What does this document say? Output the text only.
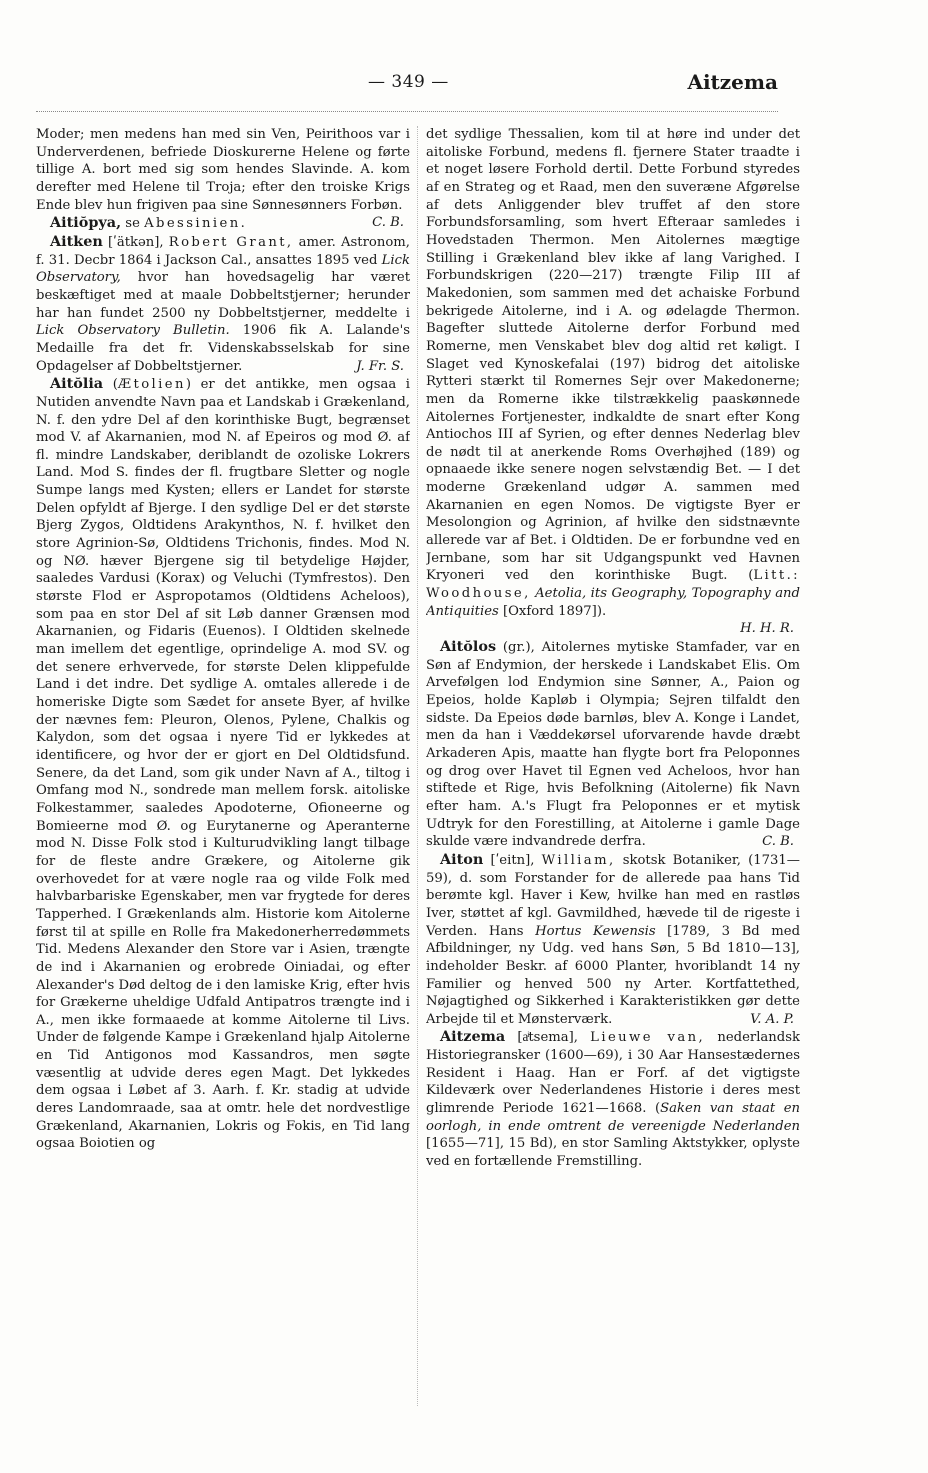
— 349 —	Aitzema

Moder; men medens han med sin Ven, Peirithoos var i Underverdenen, befriede Dioskurerne Helene og førte tillige A. bort med sig som hendes Slavinde. A. kom derefter med Helene til Troja; efter den troiske Krigs Ende blev hun frigiven paa sine Sønnesønners Forbøn.
C. B.

Aitiŏpya, se Abessinien.

Aitken [ʹätkən], Robert Grant, amer. Astronom, f. 31. Decbr 1864 i Jackson Cal., ansattes 1895 ved Lick Observatory, hvor han hovedsagelig har været beskæftiget med at maale Dobbeltstjerner; herunder har han fundet 2500 ny Dobbeltstjerner, meddelte i Lick Observatory Bulletin. 1906 fik A. Lalande's Medaille fra det fr. Videnskabsselskab for sine Opdagelser af Dobbeltstjerner.	J. Fr. S.

Aitŏlia (Ætolien) er det antikke, men ogsaa i Nutiden anvendte Navn paa et Landskab i Grækenland, N. f. den ydre Del af den korinthiske Bugt, begrænset mod V. af Akarnanien, mod N. af Epeiros og mod Ø. af fl. mindre Landskaber, deriblandt de ozoliske Lokrers Land. Mod S. findes der fl. frugtbare Sletter og nogle Sumpe langs med Kysten; ellers er Landet for største Delen opfyldt af Bjerge. I den sydlige Del er det største Bjerg Zygos, Oldtidens Arakynthos, N. f. hvilket den store Agrinion-Sø, Oldtidens Trichonis, findes. Mod N. og NØ. hæver Bjergene sig til betydelige Højder, saaledes Vardusi (Korax) og Veluchi (Tymfrestos). Den største Flod er Aspropotamos (Oldtidens Acheloos), som paa en stor Del af sit Løb danner Grænsen mod Akarnanien, og Fidaris (Euenos). I Oldtiden skelnede man imellem det egentlige, oprindelige A. mod SV. og det senere erhvervede, for største Delen klippefulde Land i det indre. Det sydlige A. omtales allerede i de homeriske Digte som Sædet for ansete Byer, af hvilke der nævnes fem: Pleuron, Olenos, Pylene, Chalkis og Kalydon, som det ogsaa i nyere Tid er lykkedes at identificere, og hvor der er gjort en Del Oldtidsfund. Senere, da det Land, som gik under Navn af A., tiltog i Omfang mod N., sondrede man mellem forsk. aitoliske Folkestammer, saaledes Apodoterne, Ofioneerne og Bomieerne mod Ø. og Eurytanerne og Aperanterne mod N. Disse Folk stod i Kulturudvikling langt tilbage for de fleste andre Grækere, og Aitolerne gik overhovedet for at være nogle raa og vilde Folk med halvbarbariske Egenskaber, men var frygtede for deres Tapperhed. I Grækenlands alm. Historie kom Aitolerne først til at spille en Rolle fra Makedonerherredømmets Tid. Medens Alexander den Store var i Asien, trængte de ind i Akarnanien og erobrede Oiniadai, og efter Alexander's Død deltog de i den lamiske Krig, efter hvis for Grækerne uheldige Udfald Antipatros trængte ind i A., men ikke formaaede at komme Aitolerne til Livs. Under de følgende Kampe i Grækenland hjalp Aitolerne en Tid Antigonos mod Kassandros, men søgte væsentlig at udvide deres egen Magt. Det lykkedes dem ogsaa i Løbet af 3. Aarh. f. Kr. stadig at udvide deres Landomraade, saa at omtr. hele det nordvestlige Grækenland, Akarnanien, Lokris og Fokis, en Tid lang ogsaa Boiotien og

det sydlige Thessalien, kom til at høre ind under det aitoliske Forbund, medens fl. fjernere Stater traadte i et noget løsere Forhold dertil. Dette Forbund styredes af en Strateg og et Raad, men den suveræne Afgørelse af dets Anliggender blev truffet af den store Forbundsforsamling, som hvert Efteraar samledes i Hovedstaden Thermon. Men Aitolernes mægtige Stilling i Grækenland blev ikke af lang Varighed. I Forbundskrigen (220—217) trængte Filip III af Makedonien, som sammen med det achaiske Forbund bekrigede Aitolerne, ind i A. og ødelagde Thermon. Bagefter sluttede Aitolerne derfor Forbund med Romerne, men Venskabet blev dog altid ret køligt. I Slaget ved Kynoskefalai (197) bidrog det aitoliske Rytteri stærkt til Romernes Sejr over Makedonerne; men da Romerne ikke tilstrækkelig paaskønnede Aitolernes Fortjenester, indkaldte de snart efter Kong Antiochos III af Syrien, og efter dennes Nederlag blev de nødt til at anerkende Roms Overhøjhed (189) og opnaaede ikke senere nogen selvstændig Bet. — I det moderne Grækenland udgør A. sammen med Akarnanien en egen Nomos. De vigtigste Byer er Mesolongion og Agrinion, af hvilke den sidstnævnte allerede var af Bet. i Oldtiden. De er forbundne ved en Jernbane, som har sit Udgangspunkt ved Havnen Kryoneri ved den korinthiske Bugt. (Litt.: Woodhouse, Aetolia, its Geography, Topography and Antiquities [Oxford 1897]).
H. H. R.

Aitŏlos (gr.), Aitolernes mytiske Stamfader, var en Søn af Endymion, der herskede i Landskabet Elis. Om Arvefølgen lod Endymion sine Sønner, A., Paion og Epeios, holde Kapløb i Olympia; Sejren tilfaldt den sidste. Da Epeios døde barnløs, blev A. Konge i Landet, men da han i Væddekørsel uforvarende havde dræbt Arkaderen Apis, maatte han flygte bort fra Peloponnes og drog over Havet til Egnen ved Acheloos, hvor han stiftede et Rige, hvis Befolkning (Aitolerne) fik Navn efter ham. A.'s Flugt fra Peloponnes er et mytisk Udtryk for den Forestilling, at Aitolerne i gamle Dage skulde være indvandrede derfra.	C. B.

Aiton [ʹeitn], William, skotsk Botaniker, (1731—59), d. som Forstander for de allerede paa hans Tid berømte kgl. Haver i Kew, hvilke han med en rastløs Iver, støttet af kgl. Gavmildhed, hævede til de rigeste i Verden. Hans Hortus Kewensis [1789, 3 Bd med Afbildninger, ny Udg. ved hans Søn, 5 Bd 1810—13], indeholder Beskr. af 6000 Planter, hvoriblandt 14 ny Familier og henved 500 ny Arter. Kortfattethed, Nøjagtighed og Sikkerhed i Karakteristikken gør dette Arbejde til et Mønsterværk.	V. A. P.

Aitzema [aͥtsema], Lieuwe van, nederlandsk Historiegransker (1600—69), i 30 Aar Hansestædernes Resident i Haag. Han er Forf. af det vigtigste Kildeværk over Nederlandenes Historie i deres mest glimrende Periode 1621—1668. (Saken van staat en oorlogh, in ende omtrent de vereenigde Nederlanden [1655—71], 15 Bd), en stor Samling Aktstykker, oplyste ved en fortællende Fremstilling.
